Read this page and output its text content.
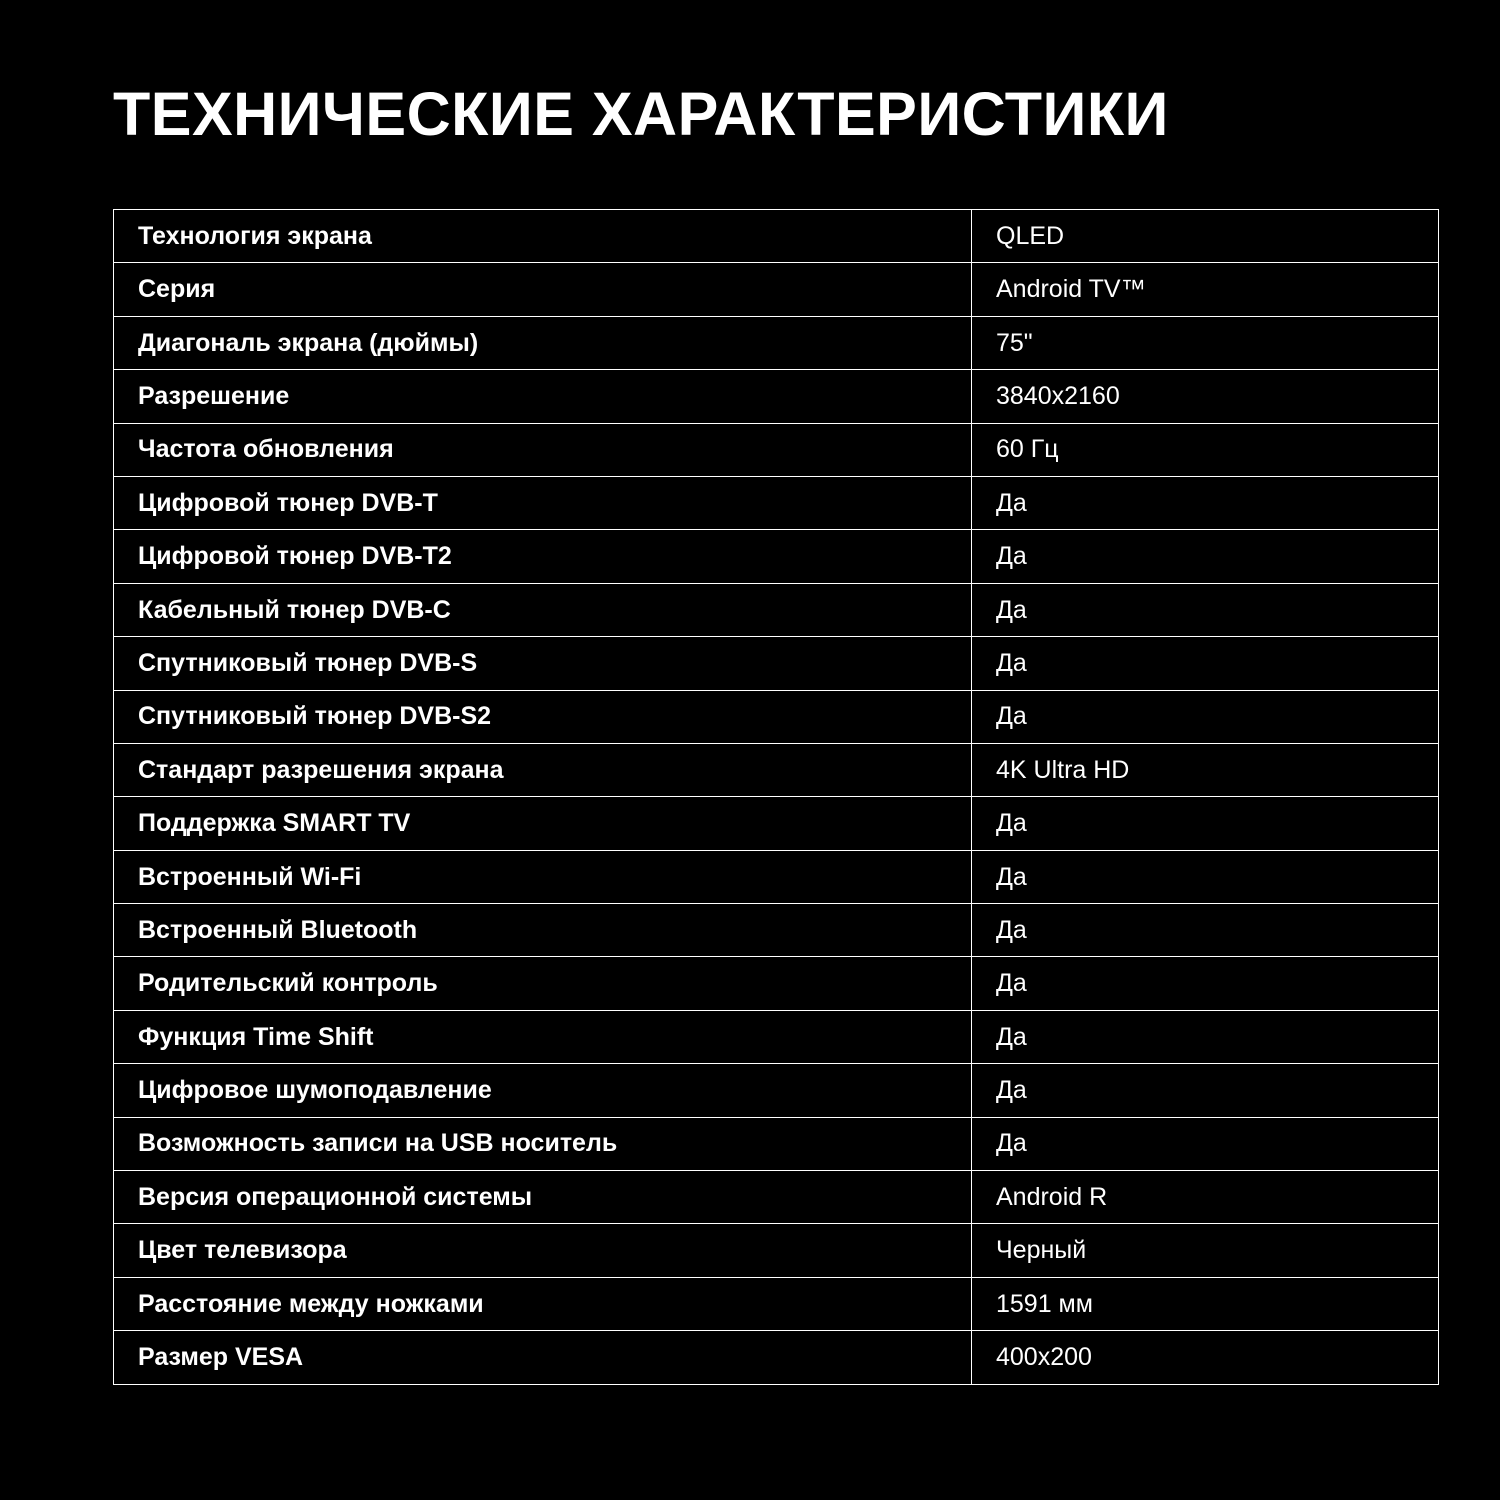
ТЕХНИЧЕСКИЕ ХАРАКТЕРИСТИКИ
Технология экрана	QLED
Серия	Android TV™
Диагональ экрана (дюймы)	75"
Разрешение	3840x2160
Частота обновления	60 Гц
Цифровой тюнер DVB-T	Да
Цифровой тюнер DVB-T2	Да
Кабельный тюнер DVB-C	Да
Спутниковый тюнер DVB-S	Да
Спутниковый тюнер DVB-S2	Да
Стандарт разрешения экрана	4K Ultra HD
Поддержка SMART TV	Да
Встроенный Wi-Fi	Да
Встроенный Bluetooth	Да
Родительский контроль	Да
Функция Time Shift	Да
Цифровое шумоподавление	Да
Возможность записи на USB носитель	Да
Версия операционной системы	Android R
Цвет телевизора	Черный
Расстояние между ножками	1591 мм
Размер VESA	400x200
